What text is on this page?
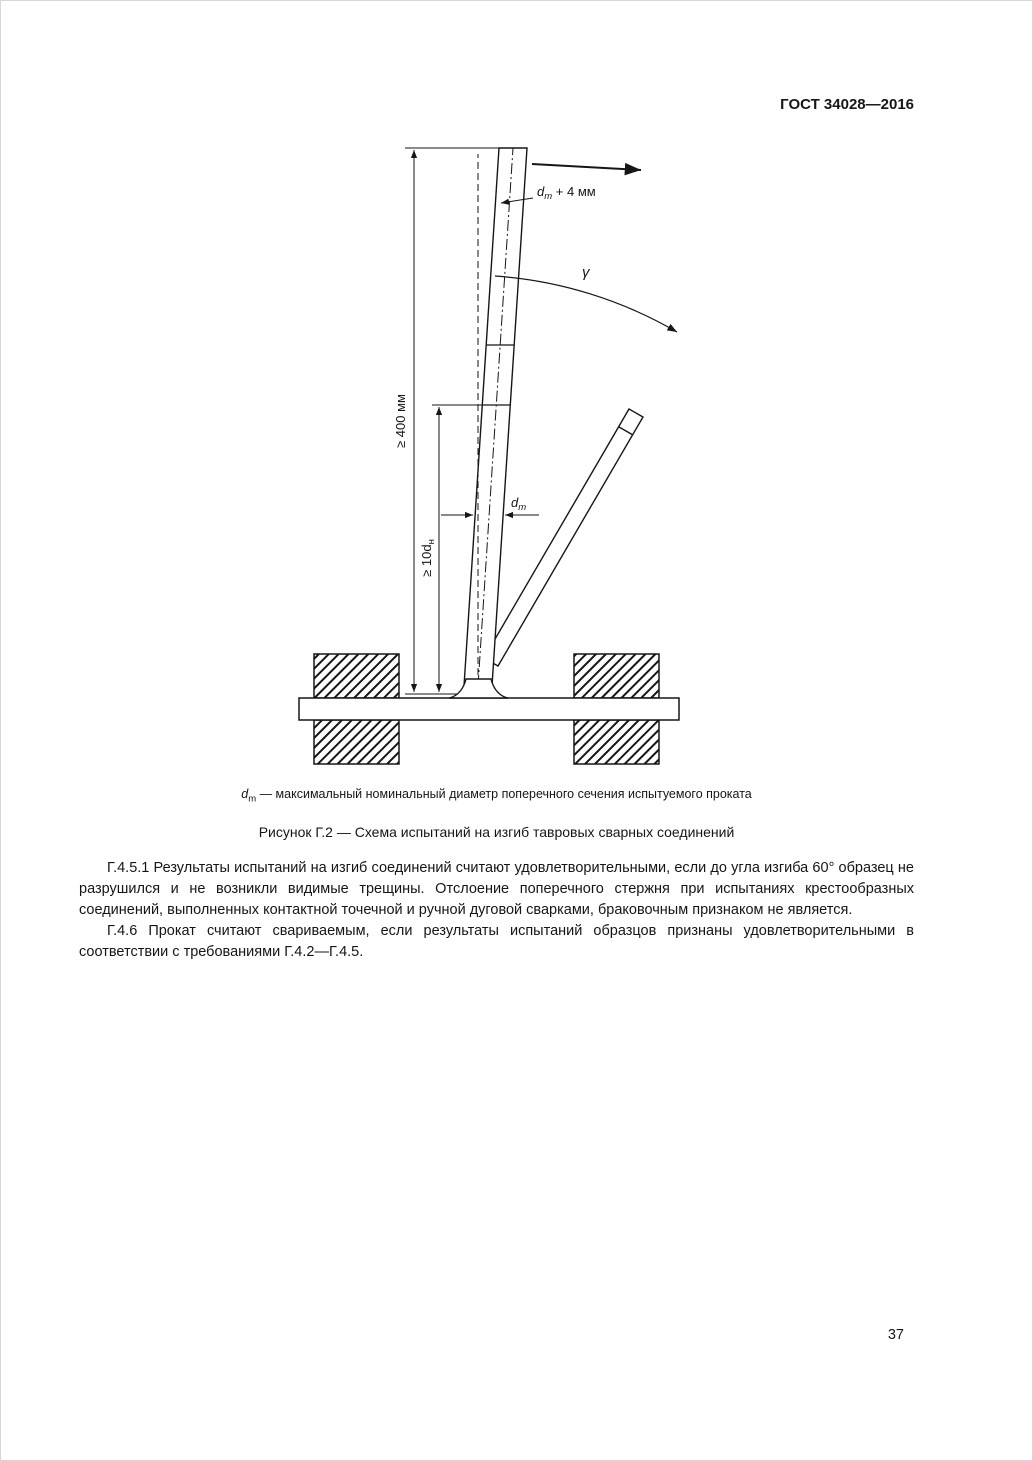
ГОСТ 34028—2016
$d_m + 4$ мм
γ
≥ 400 мм
≥ $10d_н$
$d_m$
$d_m$ — максимальный номинальный диаметр поперечного сечения испытуемого проката
Рисунок Г.2 — Схема испытаний на изгиб тавровых сварных соединений

Г.4.5.1 Результаты испытаний на изгиб соединений считают удовлетворительными, если до угла изгиба 60° образец не разрушился и не возникли видимые трещины. Отслоение поперечного стержня при испытаниях крестообразных соединений, выполненных контактной точечной и ручной дуговой сварками, браковочным признаком не является.

Г.4.6 Прокат считают свариваемым, если результаты испытаний образцов признаны удовлетворительными в соответствии с требованиями Г.4.2—Г.4.5.

37
